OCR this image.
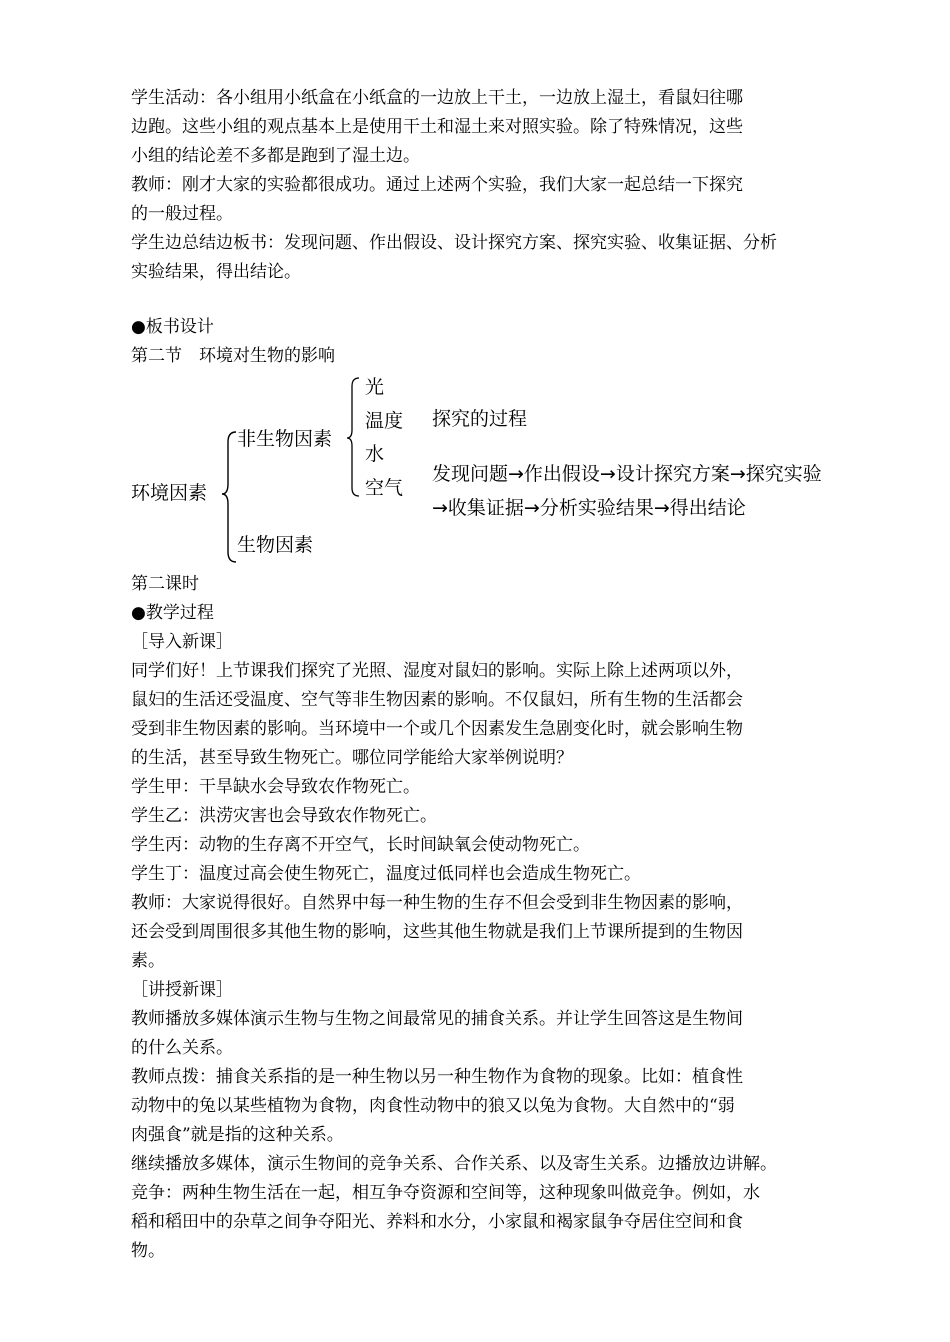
学生活动：各小组用小纸盒在小纸盒的一边放上干土，一边放上湿土，看鼠妇往哪

边跑。这些小组的观点基本上是使用干土和湿土来对照实验。除了特殊情况，这些

小组的结论差不多都是跑到了湿土边。

教师：刚才大家的实验都很成功。通过上述两个实验，我们大家一起总结一下探究

的一般过程。

学生边总结边板书：发现问题、作出假设、设计探究方案、探究实验、收集证据、分析

实验结果，得出结论。

●板书设计

第二节　环境对生物的影响

环境因素
非生物因素
生物因素
光
温度
水
空气
探究的过程
发现问题→作出假设→设计探究方案→探究实验
→收集证据→分析实验结果→得出结论

第二课时

●教学过程

［导入新课］

同学们好！上节课我们探究了光照、湿度对鼠妇的影响。实际上除上述两项以外，

鼠妇的生活还受温度、空气等非生物因素的影响。不仅鼠妇，所有生物的生活都会

受到非生物因素的影响。当环境中一个或几个因素发生急剧变化时，就会影响生物

的生活，甚至导致生物死亡。哪位同学能给大家举例说明？

学生甲：干旱缺水会导致农作物死亡。

学生乙：洪涝灾害也会导致农作物死亡。

学生丙：动物的生存离不开空气，长时间缺氧会使动物死亡。

学生丁：温度过高会使生物死亡，温度过低同样也会造成生物死亡。

教师：大家说得很好。自然界中每一种生物的生存不但会受到非生物因素的影响，

还会受到周围很多其他生物的影响，这些其他生物就是我们上节课所提到的生物因

素。

［讲授新课］

教师播放多媒体演示生物与生物之间最常见的捕食关系。并让学生回答这是生物间

的什么关系。

教师点拨：捕食关系指的是一种生物以另一种生物作为食物的现象。比如：植食性

动物中的兔以某些植物为食物，肉食性动物中的狼又以兔为食物。大自然中的“弱

肉强食”就是指的这种关系。

继续播放多媒体，演示生物间的竞争关系、合作关系、以及寄生关系。边播放边讲解。

竞争：两种生物生活在一起，相互争夺资源和空间等，这种现象叫做竞争。例如，水

稻和稻田中的杂草之间争夺阳光、养料和水分，小家鼠和褐家鼠争夺居住空间和食

物。
